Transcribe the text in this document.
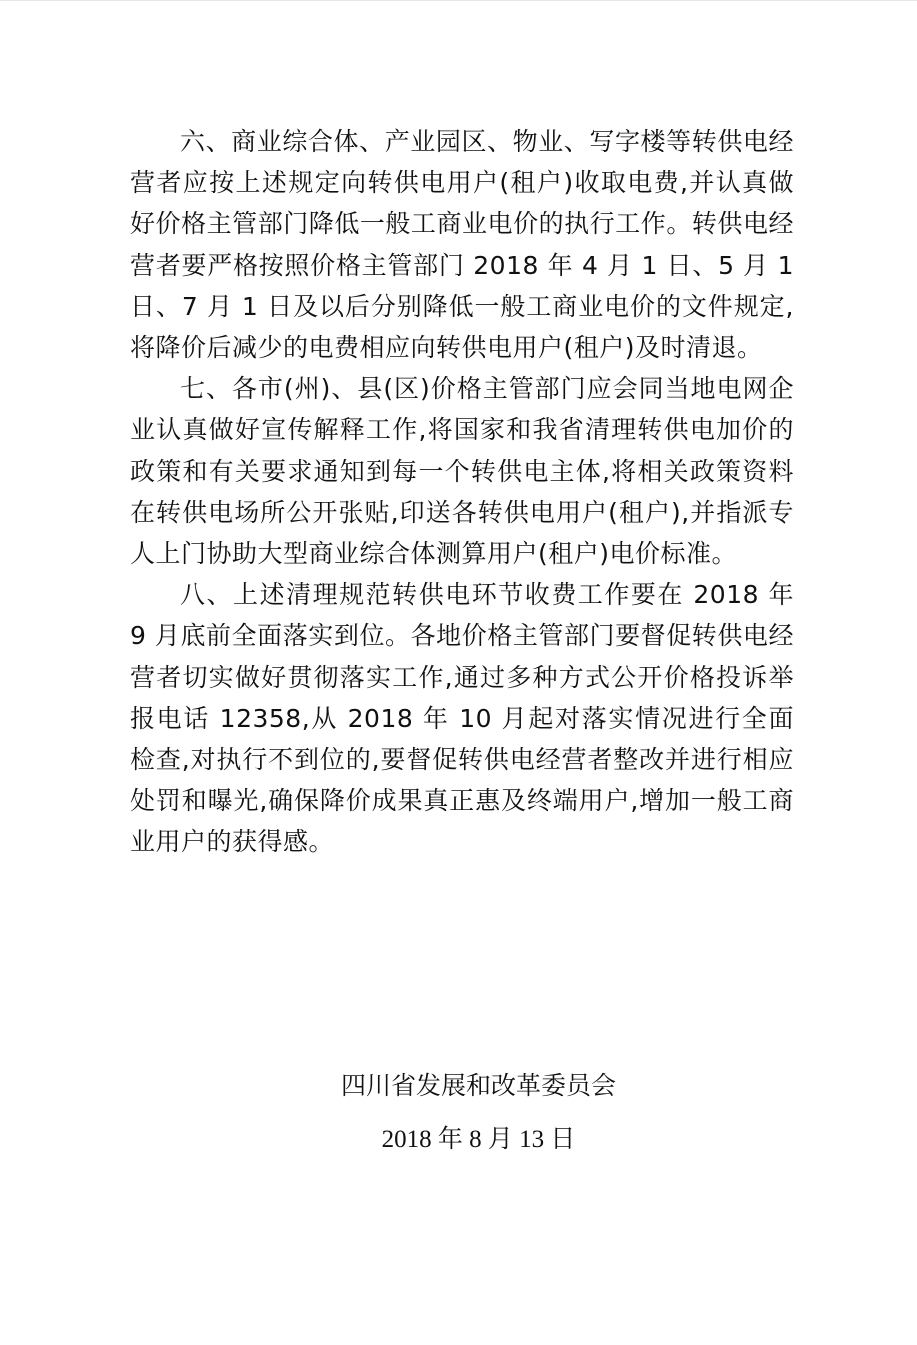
六、商业综合体、产业园区、物业、写字楼等转供电经营者应按上述规定向转供电用户(租户)收取电费,并认真做好价格主管部门降低一般工商业电价的执行工作。转供电经营者要严格按照价格主管部门 2018 年 4 月 1 日、5 月 1 日、7 月 1 日及以后分别降低一般工商业电价的文件规定,将降价后减少的电费相应向转供电用户(租户)及时清退。

七、各市(州)、县(区)价格主管部门应会同当地电网企业认真做好宣传解释工作,将国家和我省清理转供电加价的政策和有关要求通知到每一个转供电主体,将相关政策资料在转供电场所公开张贴,印送各转供电用户(租户),并指派专人上门协助大型商业综合体测算用户(租户)电价标准。

八、上述清理规范转供电环节收费工作要在 2018 年 9 月底前全面落实到位。各地价格主管部门要督促转供电经营者切实做好贯彻落实工作,通过多种方式公开价格投诉举报电话 12358,从 2018 年 10 月起对落实情况进行全面检查,对执行不到位的,要督促转供电经营者整改并进行相应处罚和曝光,确保降价成果真正惠及终端用户,增加一般工商业用户的获得感。

四川省发展和改革委员会
2018 年 8 月 13 日
